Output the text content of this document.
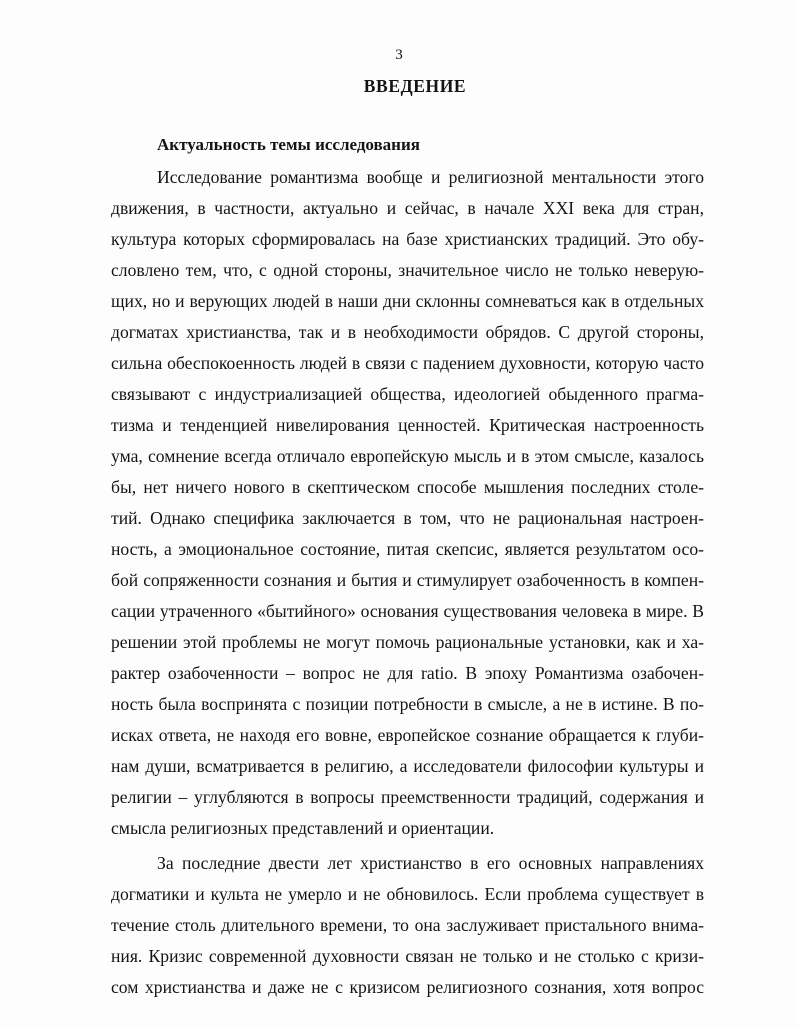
3
ВВЕДЕНИЕ
Актуальность темы исследования
Исследование романтизма вообще и религиозной ментальности этого
движения, в частности, актуально и сейчас, в начале XXI века для стран,
культура которых сформировалась на базе христианских традиций. Это обу-
словлено тем, что, с одной стороны, значительное число не только неверую-
щих, но и верующих людей в наши дни склонны сомневаться как в отдельных
догматах христианства, так и в необходимости обрядов. С другой стороны,
сильна обеспокоенность людей в связи с падением духовности, которую часто
связывают с индустриализацией общества, идеологией обыденного прагма-
тизма и тенденцией нивелирования ценностей. Критическая настроенность
ума, сомнение всегда отличало европейскую мысль и в этом смысле, казалось
бы, нет ничего нового в скептическом способе мышления последних столе-
тий. Однако специфика заключается в том, что не рациональная настроен-
ность, а эмоциональное состояние, питая скепсис, является результатом осо-
бой сопряженности сознания и бытия и стимулирует озабоченность в компен-
сации утраченного «бытийного» основания существования человека в мире. В
решении этой проблемы не могут помочь рациональные установки, как и ха-
рактер озабоченности – вопрос не для ratio. В эпоху Романтизма озабочен-
ность была воспринята с позиции потребности в смысле, а не в истине. В по-
исках ответа, не находя его вовне, европейское сознание обращается к глуби-
нам души, всматривается в религию, а исследователи философии культуры и
религии – углубляются в вопросы преемственности традиций, содержания и
смысла религиозных представлений и ориентации.
За последние двести лет христианство в его основных направлениях
догматики и культа не умерло и не обновилось. Если проблема существует в
течение столь длительного времени, то она заслуживает пристального внима-
ния. Кризис современной духовности связан не только и не столько с кризи-
сом христианства и даже не с кризисом религиозного сознания, хотя вопрос
